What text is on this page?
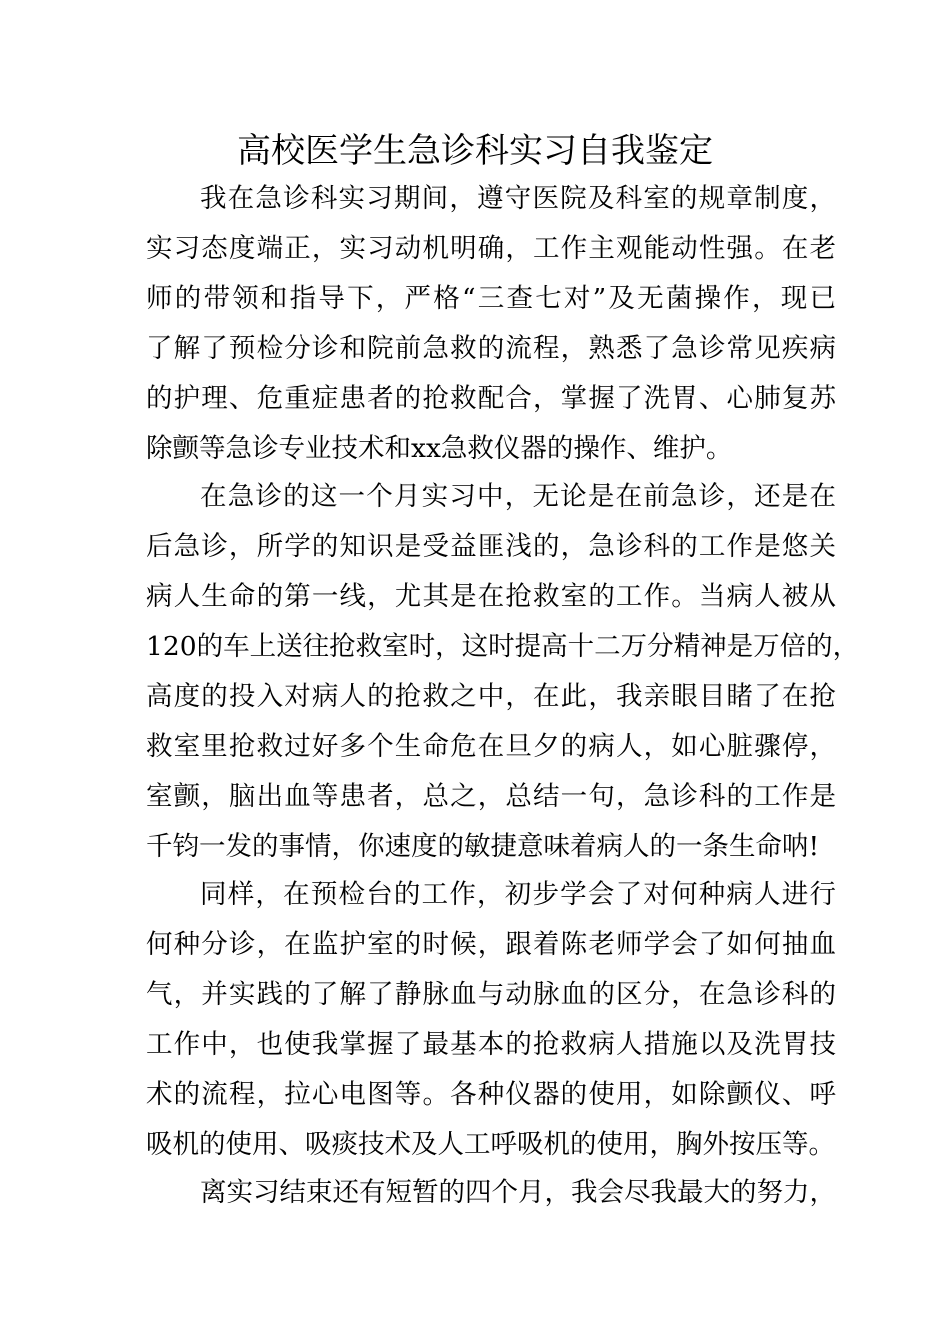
高校医学生急诊科实习自我鉴定

我在急诊科实习期间，遵守医院及科室的规章制度，

实习态度端正，实习动机明确，工作主观能动性强。在老

师的带领和指导下，严格“三查七对”及无菌操作，现已

了解了预检分诊和院前急救的流程，熟悉了急诊常见疾病

的护理、危重症患者的抢救配合，掌握了洗胃、心肺复苏

除颤等急诊专业技术和xx急救仪器的操作、维护。

在急诊的这一个月实习中，无论是在前急诊，还是在

后急诊，所学的知识是受益匪浅的，急诊科的工作是悠关

病人生命的第一线，尤其是在抢救室的工作。当病人被从

120的车上送往抢救室时，这时提高十二万分精神是万倍的，

高度的投入对病人的抢救之中，在此，我亲眼目睹了在抢

救室里抢救过好多个生命危在旦夕的病人，如心脏骤停，

室颤，脑出血等患者，总之，总结一句，急诊科的工作是

千钧一发的事情，你速度的敏捷意味着病人的一条生命呐!

同样，在预检台的工作，初步学会了对何种病人进行

何种分诊，在监护室的时候，跟着陈老师学会了如何抽血

气，并实践的了解了静脉血与动脉血的区分，在急诊科的

工作中，也使我掌握了最基本的抢救病人措施以及洗胃技

术的流程，拉心电图等。各种仪器的使用，如除颤仪、呼

吸机的使用、吸痰技术及人工呼吸机的使用，胸外按压等。

离实习结束还有短暂的四个月，我会尽我最大的努力，
